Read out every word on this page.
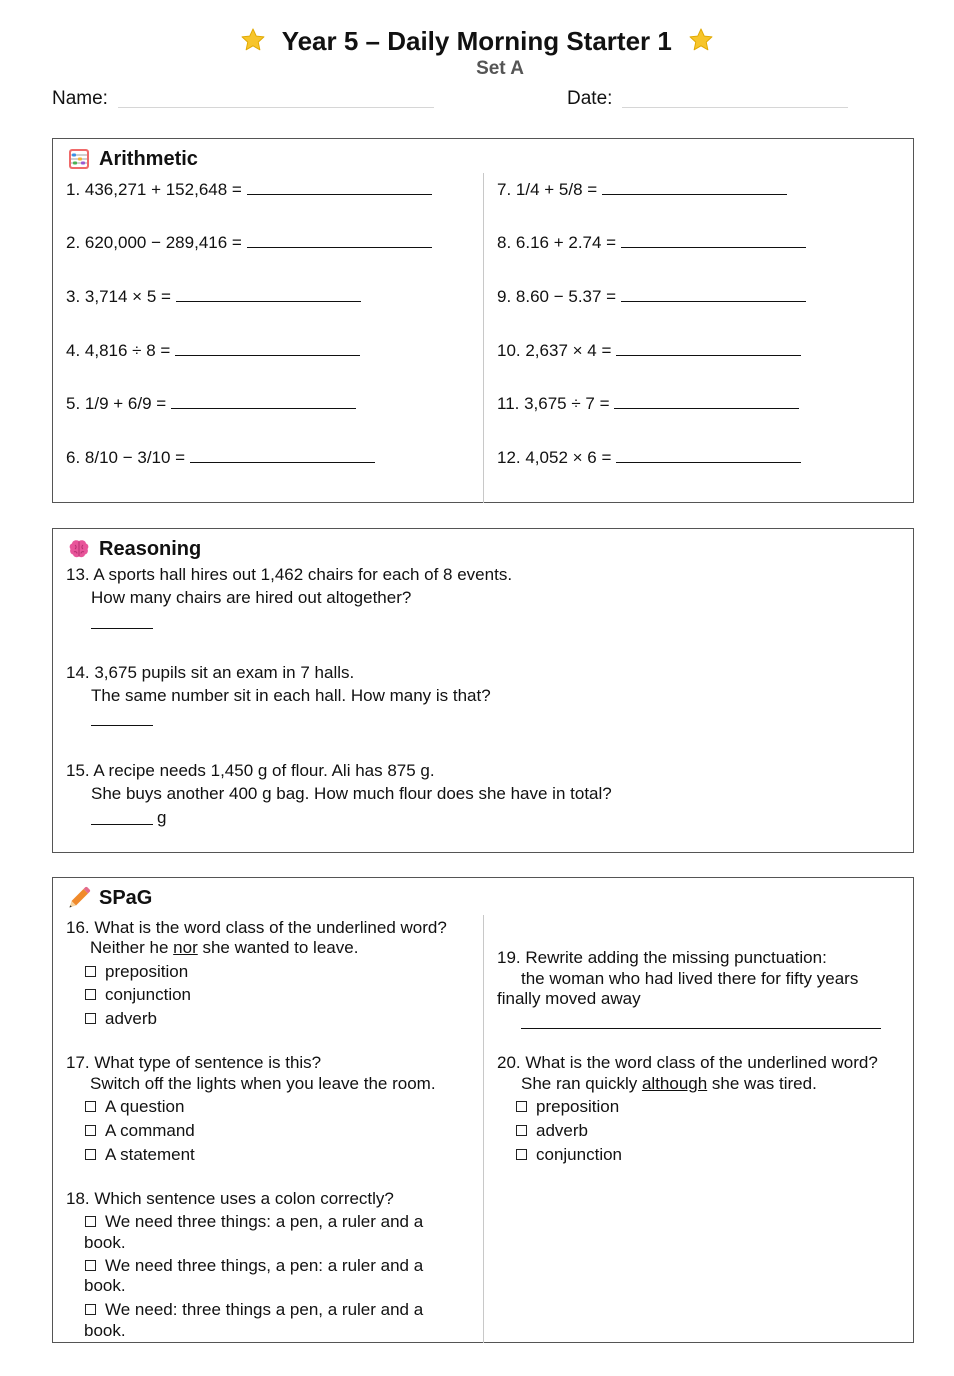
Year 5 – Daily Morning Starter 1
Set A
Name:	Date:
Arithmetic
1. 436,271 + 152,648 =
2. 620,000 − 289,416 =
3. 3,714 × 5 =
4. 4,816 ÷ 8 =
5. 1/9 + 6/9 =
6. 8/10 − 3/10 =
7. 1/4 + 5/8 =
8. 6.16 + 2.74 =
9. 8.60 − 5.37 =
10. 2,637 × 4 =
11. 3,675 ÷ 7 =
12. 4,052 × 6 =
Reasoning
13. A sports hall hires out 1,462 chairs for each of 8 events.
How many chairs are hired out altogether?
14. 3,675 pupils sit an exam in 7 halls.
The same number sit in each hall. How many is that?
15. A recipe needs 1,450 g of flour. Ali has 875 g.
She buys another 400 g bag. How much flour does she have in total?
g
SPaG
16. What is the word class of the underlined word?
Neither he nor she wanted to leave.
preposition
conjunction
adverb
17. What type of sentence is this?
Switch off the lights when you leave the room.
A question
A command
A statement
18. Which sentence uses a colon correctly?
We need three things: a pen, a ruler and a
book.
We need three things, a pen: a ruler and a
book.
We need: three things a pen, a ruler and a
book.
19. Rewrite adding the missing punctuation:
the woman who had lived there for fifty years
finally moved away
20. What is the word class of the underlined word?
She ran quickly although she was tired.
preposition
adverb
conjunction
